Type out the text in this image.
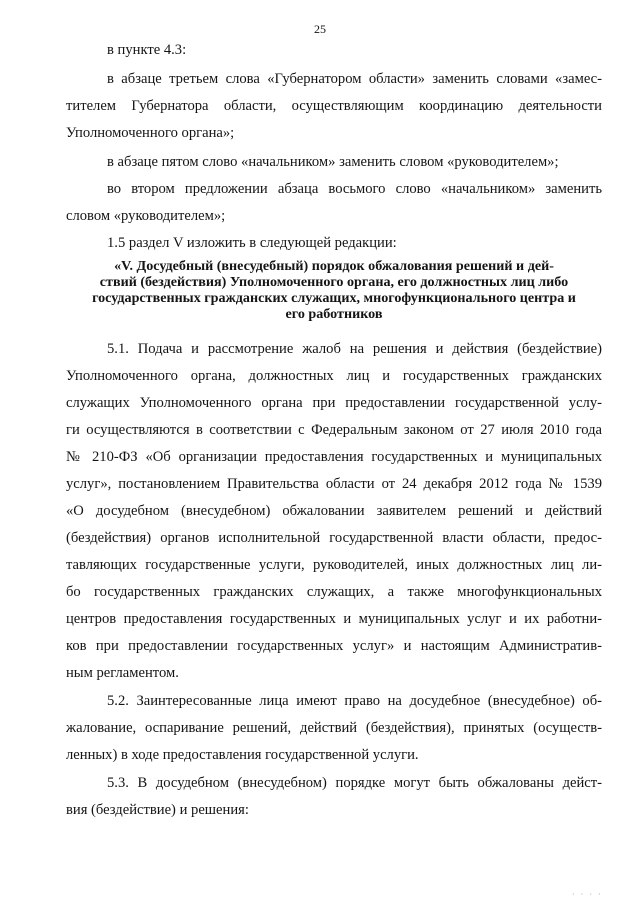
25
в пункте 4.3:
в абзаце третьем слова «Губернатором области» заменить словами «замес-
тителем Губернатора области, осуществляющим координацию деятельности
Уполномоченного органа»;
в абзаце пятом слово «начальником» заменить словом «руководителем»;
во втором предложении абзаца восьмого слово «начальником» заменить
словом «руководителем»;
1.5 раздел V изложить в следующей редакции:
«V. Досудебный (внесудебный) порядок обжалования решений и дей-
ствий (бездействия) Уполномоченного органа, его должностных лиц либо
государственных гражданских служащих, многофункционального центра и
его работников
5.1. Подача и рассмотрение жалоб на решения и действия (бездействие)
Уполномоченного органа, должностных лиц и государственных гражданских
служащих Уполномоченного органа при предоставлении государственной услу-
ги осуществляются в соответствии с Федеральным законом от 27 июля 2010 года
№ 210-ФЗ «Об организации предоставления государственных и муниципальных
услуг», постановлением Правительства области от 24 декабря 2012 года № 1539
«О досудебном (внесудебном) обжаловании заявителем решений и действий
(бездействия) органов исполнительной государственной власти области, предос-
тавляющих государственные услуги, руководителей, иных должностных лиц ли-
бо государственных гражданских служащих, а также многофункциональных
центров предоставления государственных и муниципальных услуг и их работни-
ков при предоставлении государственных услуг» и настоящим Административ-
ным регламентом.
5.2. Заинтересованные лица имеют право на досудебное (внесудебное) об-
жалование, оспаривание решений, действий (бездействия), принятых (осуществ-
ленных) в ходе предоставления государственной услуги.
5.3. В досудебном (внесудебном) порядке могут быть обжалованы дейст-
вия (бездействие) и решения:
· · · ·
